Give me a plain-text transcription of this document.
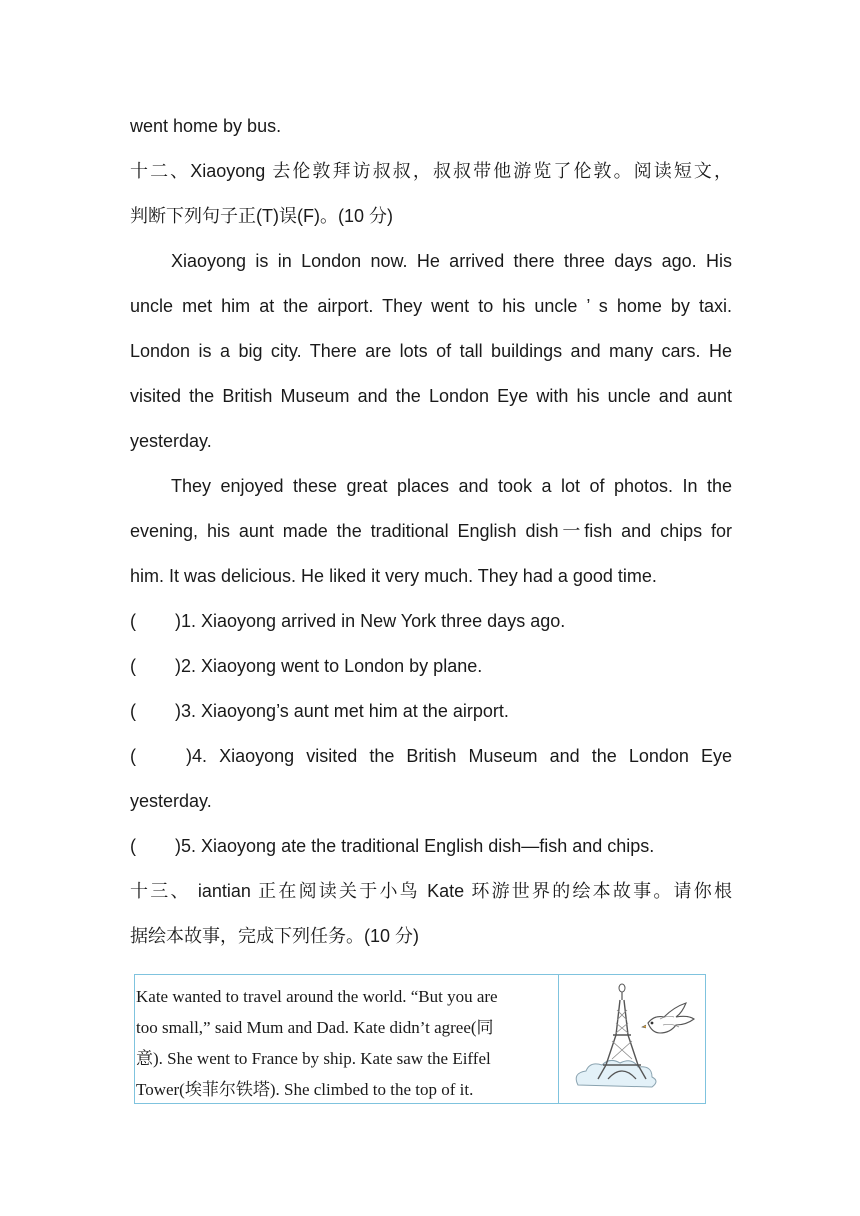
went home by bus.
十二、Xiaoyong 去伦敦拜访叔叔，叔叔带他游览了伦敦。阅读短文，
判断下列句子正(T)误(F)。(10 分)
Xiaoyong is in London now. He arrived there three days ago. His
uncle met him at the airport. They went to his uncle ’ s home by taxi.
London is a big city. There are lots of tall buildings and many cars. He
visited the British Museum and the London Eye with his uncle and aunt
yesterday.
They enjoyed these great places and took a lot of photos. In the
evening, his aunt made the traditional English dish一fish and chips for
him. It was delicious. He liked it very much. They had a good time.
( )1. Xiaoyong arrived in New York three days ago.
( )2. Xiaoyong went to London by plane.
( )3. Xiaoyong’s aunt met him at the airport.
(	)4. Xiaoyong visited the British Museum and the London Eye
yesterday.
( )5. Xiaoyong ate the traditional English dish—fish and chips.
十三、 iantian 正在阅读关于小鸟 Kate 环游世界的绘本故事。请你根
据绘本故事，完成下列任务。(10 分)
Kate wanted to travel around the world. “But you are
too small,” said Mum and Dad. Kate didn’t agree(同
意). She went to France by ship. Kate saw the Eiffel
Tower(埃菲尔铁塔). She climbed to the top of it.
